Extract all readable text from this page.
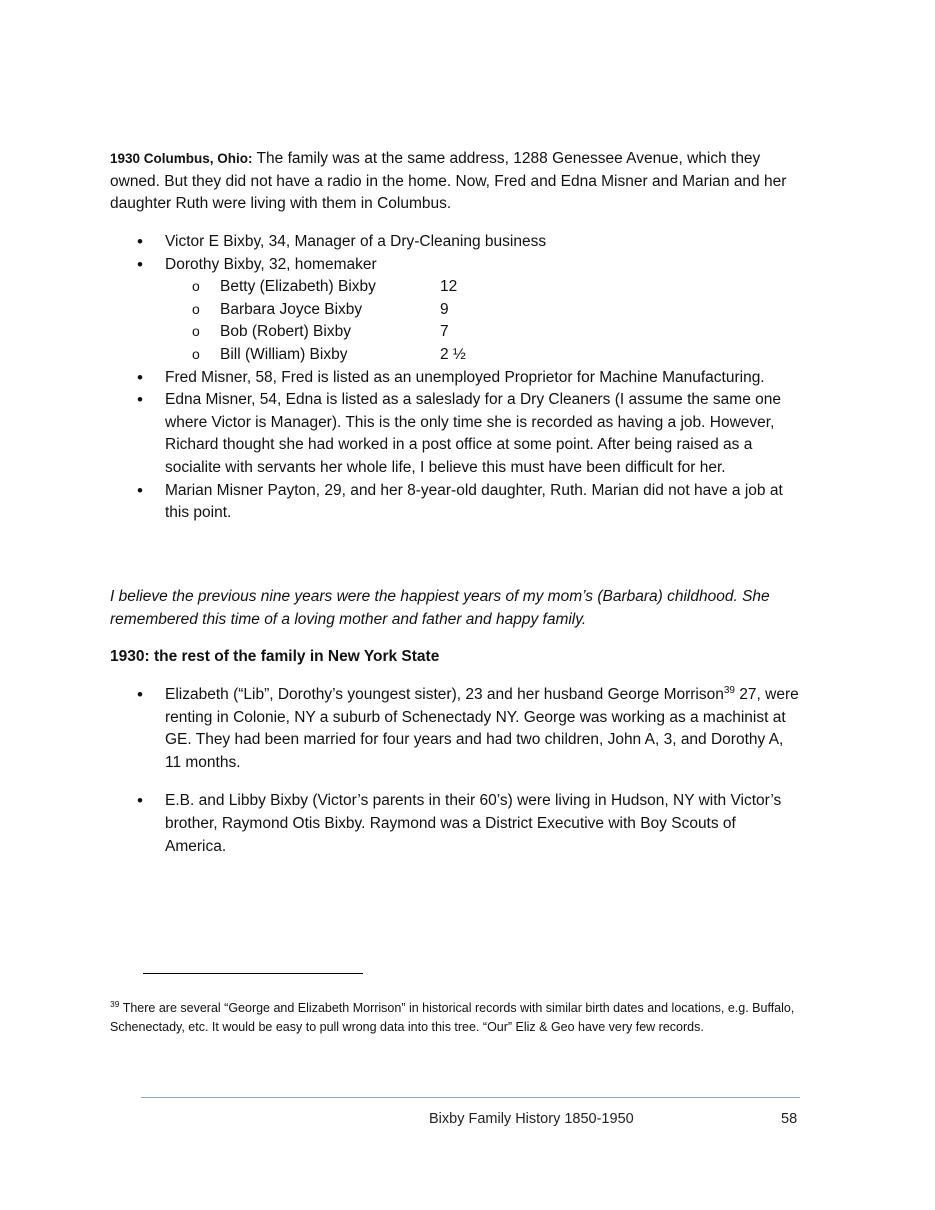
1930 Columbus, Ohio: The family was at the same address, 1288 Genessee Avenue, which they owned. But they did not have a radio in the home. Now, Fred and Edna Misner and Marian and her daughter Ruth were living with them in Columbus.

• Victor E Bixby, 34, Manager of a Dry-Cleaning business
• Dorothy Bixby, 32, homemaker
o Betty (Elizabeth) Bixby	12
o Barbara Joyce Bixby	9
o Bob (Robert) Bixby	7
o Bill (William) Bixby	2 ½
• Fred Misner, 58, Fred is listed as an unemployed Proprietor for Machine Manufacturing.
• Edna Misner, 54, Edna is listed as a saleslady for a Dry Cleaners (I assume the same one where Victor is Manager). This is the only time she is recorded as having a job. However, Richard thought she had worked in a post office at some point. After being raised as a socialite with servants her whole life, I believe this must have been difficult for her.
• Marian Misner Payton, 29, and her 8-year-old daughter, Ruth. Marian did not have a job at this point.

I believe the previous nine years were the happiest years of my mom’s (Barbara) childhood. She remembered this time of a loving mother and father and happy family.

1930: the rest of the family in New York State

• Elizabeth (“Lib”, Dorothy’s youngest sister), 23 and her husband George Morrison$^{39}$ 27, were renting in Colonie, NY a suburb of Schenectady NY. George was working as a machinist at GE. They had been married for four years and had two children, John A, 3, and Dorothy A, 11 months.
• E.B. and Libby Bixby (Victor’s parents in their 60’s) were living in Hudson, NY with Victor’s brother, Raymond Otis Bixby. Raymond was a District Executive with Boy Scouts of America.

$^{39}$ There are several “George and Elizabeth Morrison” in historical records with similar birth dates and locations, e.g. Buffalo, Schenectady, etc. It would be easy to pull wrong data into this tree. “Our” Eliz & Geo have very few records.

Bixby Family History 1850-1950	58
